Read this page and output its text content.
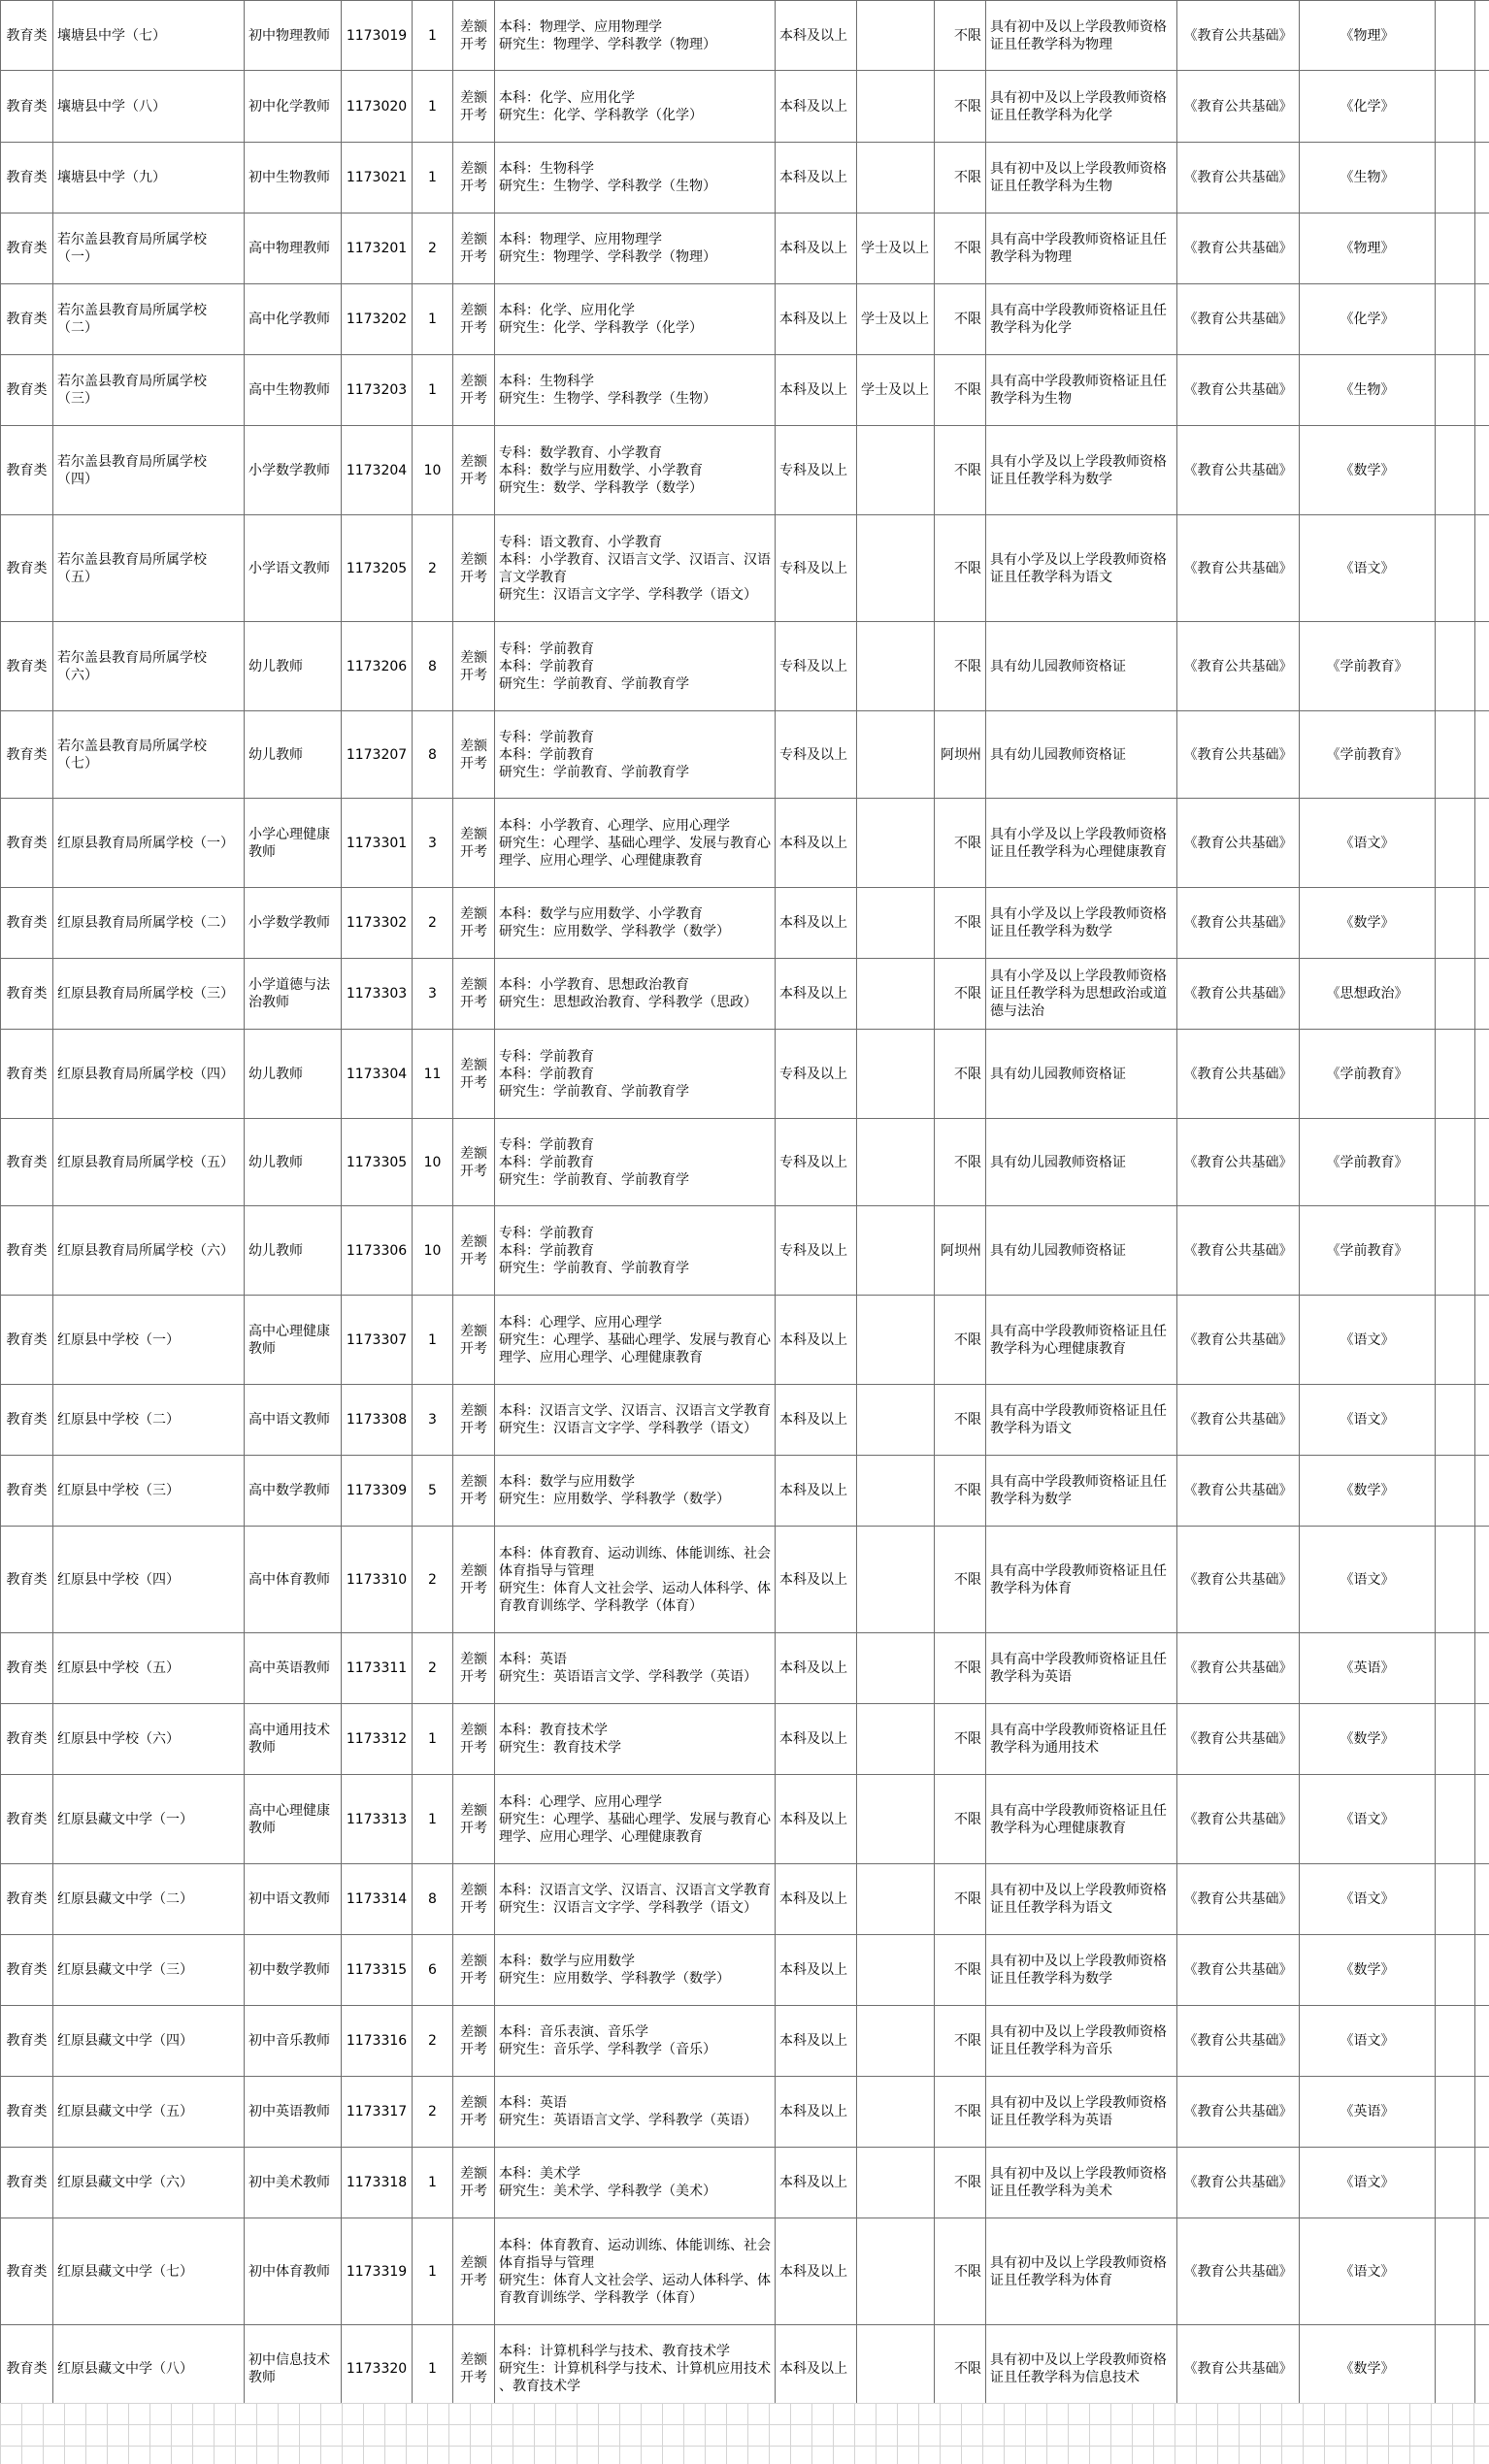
教育类	壤塘县中学（七）	初中物理教师	1173019	1	差额
开考	本科：物理学、应用物理学
研究生：物理学、学科教学（物理）	本科及以上		不限	具有初中及以上学段教师资格
证且任教学科为物理	《教育公共基础》	《物理》		
教育类	壤塘县中学（八）	初中化学教师	1173020	1	差额
开考	本科：化学、应用化学
研究生：化学、学科教学（化学）	本科及以上		不限	具有初中及以上学段教师资格
证且任教学科为化学	《教育公共基础》	《化学》		
教育类	壤塘县中学（九）	初中生物教师	1173021	1	差额
开考	本科：生物科学
研究生：生物学、学科教学（生物）	本科及以上		不限	具有初中及以上学段教师资格
证且任教学科为生物	《教育公共基础》	《生物》		
教育类	若尔盖县教育局所属学校
（一）	高中物理教师	1173201	2	差额
开考	本科：物理学、应用物理学
研究生：物理学、学科教学（物理）	本科及以上	学士及以上	不限	具有高中学段教师资格证且任
教学科为物理	《教育公共基础》	《物理》		
教育类	若尔盖县教育局所属学校
（二）	高中化学教师	1173202	1	差额
开考	本科：化学、应用化学
研究生：化学、学科教学（化学）	本科及以上	学士及以上	不限	具有高中学段教师资格证且任
教学科为化学	《教育公共基础》	《化学》		
教育类	若尔盖县教育局所属学校
（三）	高中生物教师	1173203	1	差额
开考	本科：生物科学
研究生：生物学、学科教学（生物）	本科及以上	学士及以上	不限	具有高中学段教师资格证且任
教学科为生物	《教育公共基础》	《生物》		
教育类	若尔盖县教育局所属学校
（四）	小学数学教师	1173204	10	差额
开考	专科：数学教育、小学教育
本科：数学与应用数学、小学教育
研究生：数学、学科教学（数学）	专科及以上		不限	具有小学及以上学段教师资格
证且任教学科为数学	《教育公共基础》	《数学》		
教育类	若尔盖县教育局所属学校
（五）	小学语文教师	1173205	2	差额
开考	专科：语文教育、小学教育
本科：小学教育、汉语言文学、汉语言、汉语
言文学教育
研究生：汉语言文字学、学科教学（语文）	专科及以上		不限	具有小学及以上学段教师资格
证且任教学科为语文	《教育公共基础》	《语文》		
教育类	若尔盖县教育局所属学校
（六）	幼儿教师	1173206	8	差额
开考	专科：学前教育
本科：学前教育
研究生：学前教育、学前教育学	专科及以上		不限	具有幼儿园教师资格证	《教育公共基础》	《学前教育》		
教育类	若尔盖县教育局所属学校
（七）	幼儿教师	1173207	8	差额
开考	专科：学前教育
本科：学前教育
研究生：学前教育、学前教育学	专科及以上		阿坝州	具有幼儿园教师资格证	《教育公共基础》	《学前教育》		
教育类	红原县教育局所属学校（一）	小学心理健康
教师	1173301	3	差额
开考	本科：小学教育、心理学、应用心理学
研究生：心理学、基础心理学、发展与教育心
理学、应用心理学、心理健康教育	本科及以上		不限	具有小学及以上学段教师资格
证且任教学科为心理健康教育	《教育公共基础》	《语文》		
教育类	红原县教育局所属学校（二）	小学数学教师	1173302	2	差额
开考	本科：数学与应用数学、小学教育
研究生：应用数学、学科教学（数学）	本科及以上		不限	具有小学及以上学段教师资格
证且任教学科为数学	《教育公共基础》	《数学》		
教育类	红原县教育局所属学校（三）	小学道德与法
治教师	1173303	3	差额
开考	本科：小学教育、思想政治教育
研究生：思想政治教育、学科教学（思政）	本科及以上		不限	具有小学及以上学段教师资格
证且任教学科为思想政治或道
德与法治	《教育公共基础》	《思想政治》		
教育类	红原县教育局所属学校（四）	幼儿教师	1173304	11	差额
开考	专科：学前教育
本科：学前教育
研究生：学前教育、学前教育学	专科及以上		不限	具有幼儿园教师资格证	《教育公共基础》	《学前教育》		
教育类	红原县教育局所属学校（五）	幼儿教师	1173305	10	差额
开考	专科：学前教育
本科：学前教育
研究生：学前教育、学前教育学	专科及以上		不限	具有幼儿园教师资格证	《教育公共基础》	《学前教育》		
教育类	红原县教育局所属学校（六）	幼儿教师	1173306	10	差额
开考	专科：学前教育
本科：学前教育
研究生：学前教育、学前教育学	专科及以上		阿坝州	具有幼儿园教师资格证	《教育公共基础》	《学前教育》		
教育类	红原县中学校（一）	高中心理健康
教师	1173307	1	差额
开考	本科：心理学、应用心理学
研究生：心理学、基础心理学、发展与教育心
理学、应用心理学、心理健康教育	本科及以上		不限	具有高中学段教师资格证且任
教学科为心理健康教育	《教育公共基础》	《语文》		
教育类	红原县中学校（二）	高中语文教师	1173308	3	差额
开考	本科：汉语言文学、汉语言、汉语言文学教育
研究生：汉语言文字学、学科教学（语文）	本科及以上		不限	具有高中学段教师资格证且任
教学科为语文	《教育公共基础》	《语文》		
教育类	红原县中学校（三）	高中数学教师	1173309	5	差额
开考	本科：数学与应用数学
研究生：应用数学、学科教学（数学）	本科及以上		不限	具有高中学段教师资格证且任
教学科为数学	《教育公共基础》	《数学》		
教育类	红原县中学校（四）	高中体育教师	1173310	2	差额
开考	本科：体育教育、运动训练、体能训练、社会
体育指导与管理
研究生：体育人文社会学、运动人体科学、体
育教育训练学、学科教学（体育）	本科及以上		不限	具有高中学段教师资格证且任
教学科为体育	《教育公共基础》	《语文》		
教育类	红原县中学校（五）	高中英语教师	1173311	2	差额
开考	本科：英语
研究生：英语语言文学、学科教学（英语）	本科及以上		不限	具有高中学段教师资格证且任
教学科为英语	《教育公共基础》	《英语》		
教育类	红原县中学校（六）	高中通用技术
教师	1173312	1	差额
开考	本科：教育技术学
研究生：教育技术学	本科及以上		不限	具有高中学段教师资格证且任
教学科为通用技术	《教育公共基础》	《数学》		
教育类	红原县藏文中学（一）	高中心理健康
教师	1173313	1	差额
开考	本科：心理学、应用心理学
研究生：心理学、基础心理学、发展与教育心
理学、应用心理学、心理健康教育	本科及以上		不限	具有高中学段教师资格证且任
教学科为心理健康教育	《教育公共基础》	《语文》		
教育类	红原县藏文中学（二）	初中语文教师	1173314	8	差额
开考	本科：汉语言文学、汉语言、汉语言文学教育
研究生：汉语言文字学、学科教学（语文）	本科及以上		不限	具有初中及以上学段教师资格
证且任教学科为语文	《教育公共基础》	《语文》		
教育类	红原县藏文中学（三）	初中数学教师	1173315	6	差额
开考	本科：数学与应用数学
研究生：应用数学、学科教学（数学）	本科及以上		不限	具有初中及以上学段教师资格
证且任教学科为数学	《教育公共基础》	《数学》		
教育类	红原县藏文中学（四）	初中音乐教师	1173316	2	差额
开考	本科：音乐表演、音乐学
研究生：音乐学、学科教学（音乐）	本科及以上		不限	具有初中及以上学段教师资格
证且任教学科为音乐	《教育公共基础》	《语文》		
教育类	红原县藏文中学（五）	初中英语教师	1173317	2	差额
开考	本科：英语
研究生：英语语言文学、学科教学（英语）	本科及以上		不限	具有初中及以上学段教师资格
证且任教学科为英语	《教育公共基础》	《英语》		
教育类	红原县藏文中学（六）	初中美术教师	1173318	1	差额
开考	本科：美术学
研究生：美术学、学科教学（美术）	本科及以上		不限	具有初中及以上学段教师资格
证且任教学科为美术	《教育公共基础》	《语文》		
教育类	红原县藏文中学（七）	初中体育教师	1173319	1	差额
开考	本科：体育教育、运动训练、体能训练、社会
体育指导与管理
研究生：体育人文社会学、运动人体科学、体
育教育训练学、学科教学（体育）	本科及以上		不限	具有初中及以上学段教师资格
证且任教学科为体育	《教育公共基础》	《语文》		
教育类	红原县藏文中学（八）	初中信息技术
教师	1173320	1	差额
开考	本科：计算机科学与技术、教育技术学
研究生：计算机科学与技术、计算机应用技术
、教育技术学	本科及以上		不限	具有初中及以上学段教师资格
证且任教学科为信息技术	《教育公共基础》	《数学》		
